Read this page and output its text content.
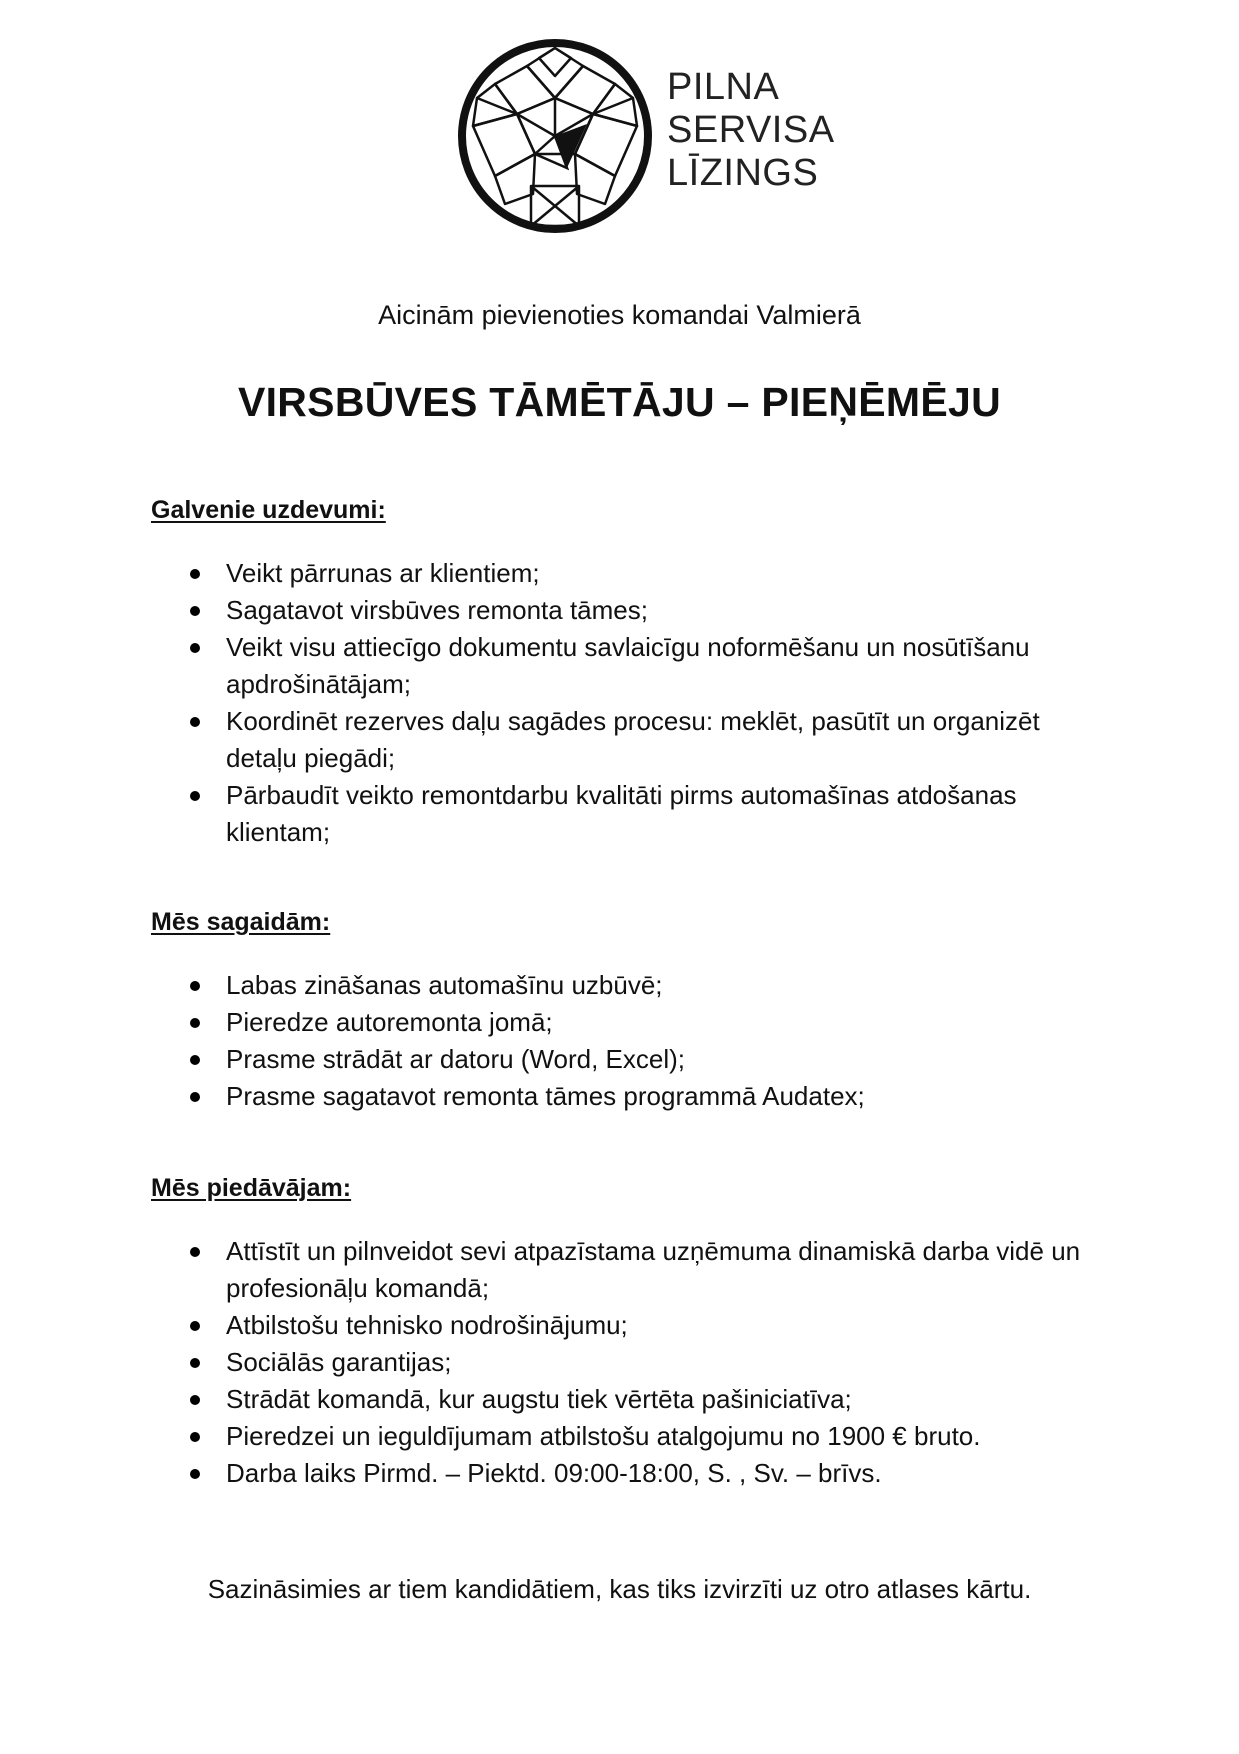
PILNA
SERVISA
LĪZINGS
Aicinām pievienoties komandai Valmierā
VIRSBŪVES TĀMĒTĀJU – PIEŅĒMĒJU
Galvenie uzdevumi:
Veikt pārrunas ar klientiem;
Sagatavot virsbūves remonta tāmes;
Veikt visu attiecīgo dokumentu savlaicīgu noformēšanu un nosūtīšanu apdrošinātājam;
Koordinēt rezerves daļu sagādes procesu: meklēt, pasūtīt un organizēt detaļu piegādi;
Pārbaudīt veikto remontdarbu kvalitāti pirms automašīnas atdošanas klientam;
Mēs sagaidām:
Labas zināšanas automašīnu uzbūvē;
Pieredze autoremonta jomā;
Prasme strādāt ar datoru (Word, Excel);
Prasme sagatavot remonta tāmes programmā Audatex;
Mēs piedāvājam:
Attīstīt un pilnveidot sevi atpazīstama uzņēmuma dinamiskā darba vidē un profesionāļu komandā;
Atbilstošu tehnisko nodrošinājumu;
Sociālās garantijas;
Strādāt komandā, kur augstu tiek vērtēta pašiniciatīva;
Pieredzei un ieguldījumam atbilstošu atalgojumu no 1900 € bruto.
Darba laiks Pirmd. – Piektd. 09:00-18:00, S. , Sv. – brīvs.
Sazināsimies ar tiem kandidātiem, kas tiks izvirzīti uz otro atlases kārtu.
